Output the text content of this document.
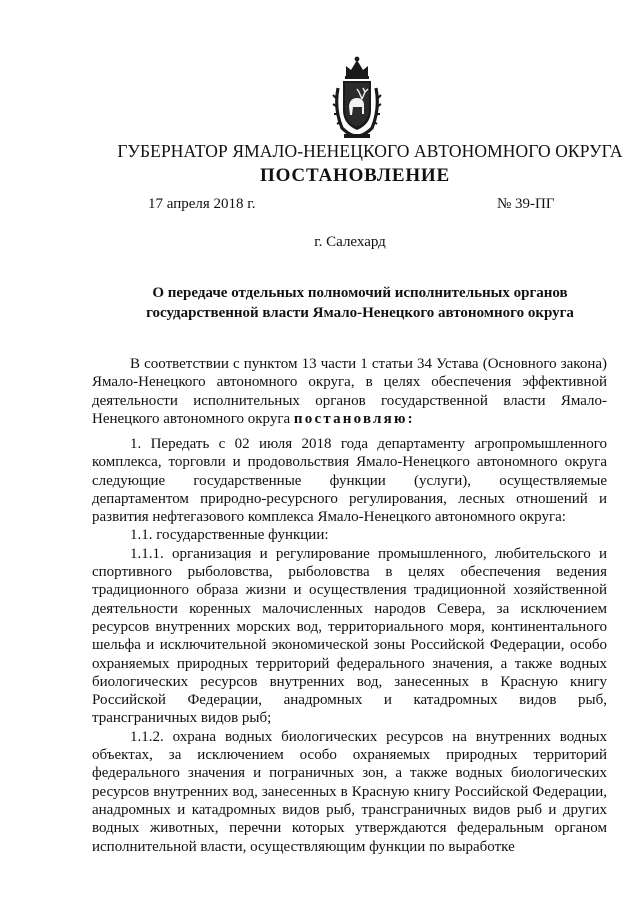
ГУБЕРНАТОР ЯМАЛО-НЕНЕЦКОГО АВТОНОМНОГО ОКРУГА
ПОСТАНОВЛЕНИЕ
17 апреля 2018 г.	№ 39-ПГ
г. Салехард
О передаче отдельных полномочий исполнительных органов
государственной власти Ямало-Ненецкого автономного округа

В соответствии с пунктом 13 части 1 статьи 34 Устава (Основного закона) Ямало-Ненецкого автономного округа, в целях обеспечения эффективной деятельности исполнительных органов государственной власти Ямало-Ненецкого автономного округа постановляю:

1. Передать с 02 июля 2018 года департаменту агропромышленного комплекса, торговли и продовольствия Ямало-Ненецкого автономного округа следующие государственные функции (услуги), осуществляемые департаментом природно-ресурсного регулирования, лесных отношений и развития нефтегазового комплекса Ямало-Ненецкого автономного округа:

1.1. государственные функции:

1.1.1. организация и регулирование промышленного, любительского и спортивного рыболовства, рыболовства в целях обеспечения ведения традиционного образа жизни и осуществления традиционной хозяйственной деятельности коренных малочисленных народов Севера, за исключением ресурсов внутренних морских вод, территориального моря, континентального шельфа и исключительной экономической зоны Российской Федерации, особо охраняемых природных территорий федерального значения, а также водных биологических ресурсов внутренних вод, занесенных в Красную книгу Российской Федерации, анадромных и катадромных видов рыб, трансграничных видов рыб;

1.1.2. охрана водных биологических ресурсов на внутренних водных объектах, за исключением особо охраняемых природных территорий федерального значения и пограничных зон, а также водных биологических ресурсов внутренних вод, занесенных в Красную книгу Российской Федерации, анадромных и катадромных видов рыб, трансграничных видов рыб и других водных животных, перечни которых утверждаются федеральным органом исполнительной власти, осуществляющим функции по выработке
